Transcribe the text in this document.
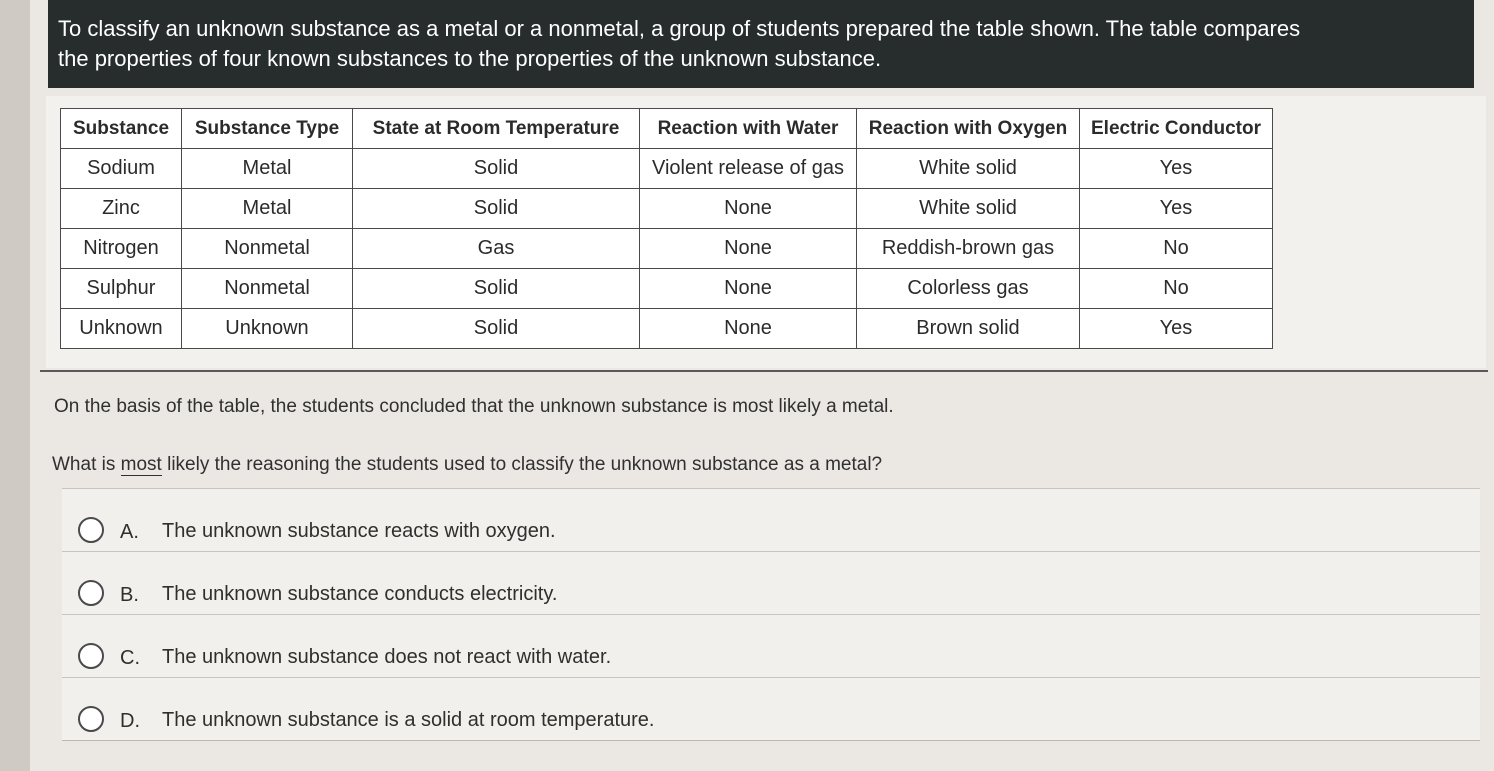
To classify an unknown substance as a metal or a nonmetal, a group of students prepared the table shown. The table compares
the properties of four known substances to the properties of the unknown substance.
Substance	Substance Type	State at Room Temperature	Reaction with Water	Reaction with Oxygen	Electric Conductor
Sodium	Metal	Solid	Violent release of gas	White solid	Yes
Zinc	Metal	Solid	None	White solid	Yes
Nitrogen	Nonmetal	Gas	None	Reddish-brown gas	No
Sulphur	Nonmetal	Solid	None	Colorless gas	No
Unknown	Unknown	Solid	None	Brown solid	Yes
On the basis of the table, the students concluded that the unknown substance is most likely a metal.
What is most likely the reasoning the students used to classify the unknown substance as a metal?
A. The unknown substance reacts with oxygen.
B. The unknown substance conducts electricity.
C. The unknown substance does not react with water.
D. The unknown substance is a solid at room temperature.
